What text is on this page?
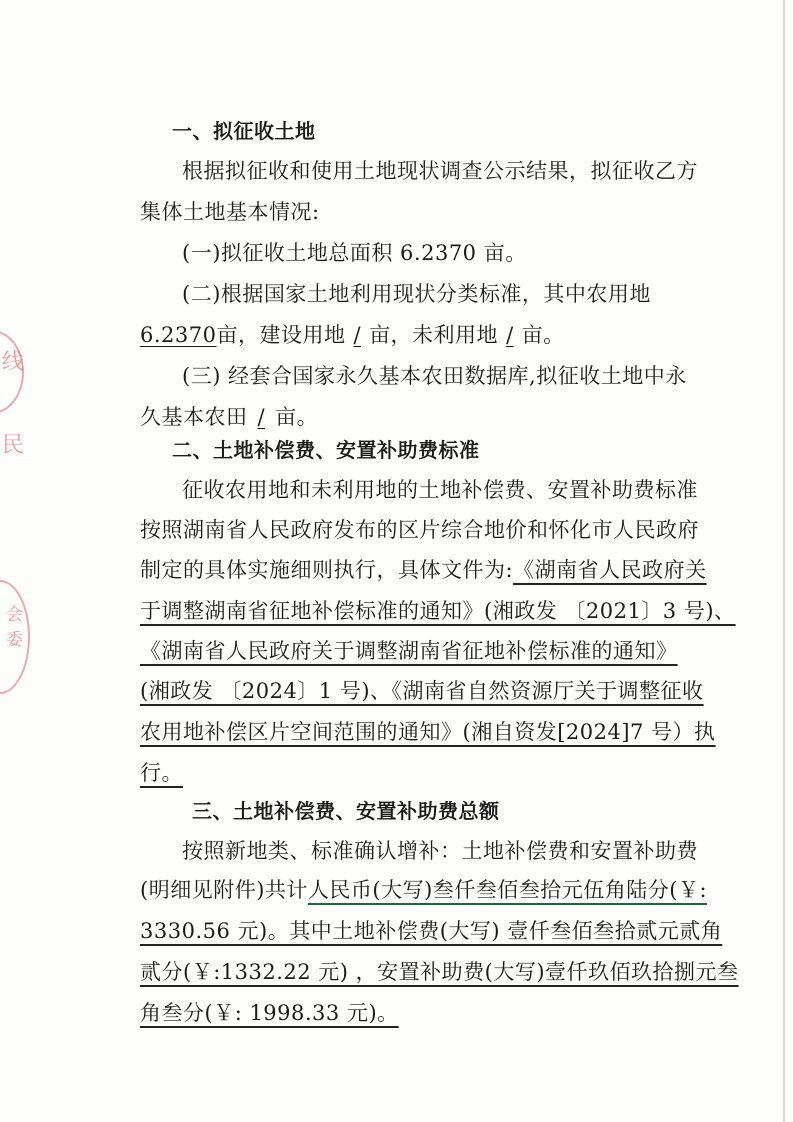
线
民
会
委
一、拟征收土地
根据拟征收和使用土地现状调查公示结果，拟征收乙方
集体土地基本情况:
(一)拟征收土地总面积 6.2370 亩。
(二)根据国家土地利用现状分类标准，其中农用地
6.2370亩，建设用地 / 亩，未利用地 / 亩。
(三) 经套合国家永久基本农田数据库,拟征收土地中永
久基本农田 / 亩。
二、土地补偿费、安置补助费标准
征收农用地和未利用地的土地补偿费、安置补助费标准
按照湖南省人民政府发布的区片综合地价和怀化市人民政府
制定的具体实施细则执行，具体文件为:《湖南省人民政府关
于调整湖南省征地补偿标准的通知》(湘政发 〔2021〕3 号)、
《湖南省人民政府关于调整湖南省征地补偿标准的通知》
(湘政发 〔2024〕1 号)、《湖南省自然资源厅关于调整征收
农用地补偿区片空间范围的通知》(湘自资发[2024]7 号）执
行。
三、土地补偿费、安置补助费总额
按照新地类、标准确认增补：土地补偿费和安置补助费
(明细见附件)共计人民币(大写)叁仟叁佰叁拾元伍角陆分(￥:
3330.56 元)。其中土地补偿费(大写) 壹仟叁佰叁拾贰元贰角
贰分(￥:1332.22 元) ，安置补助费(大写)壹仟玖佰玖拾捌元叁
角叁分(￥: 1998.33 元)。
